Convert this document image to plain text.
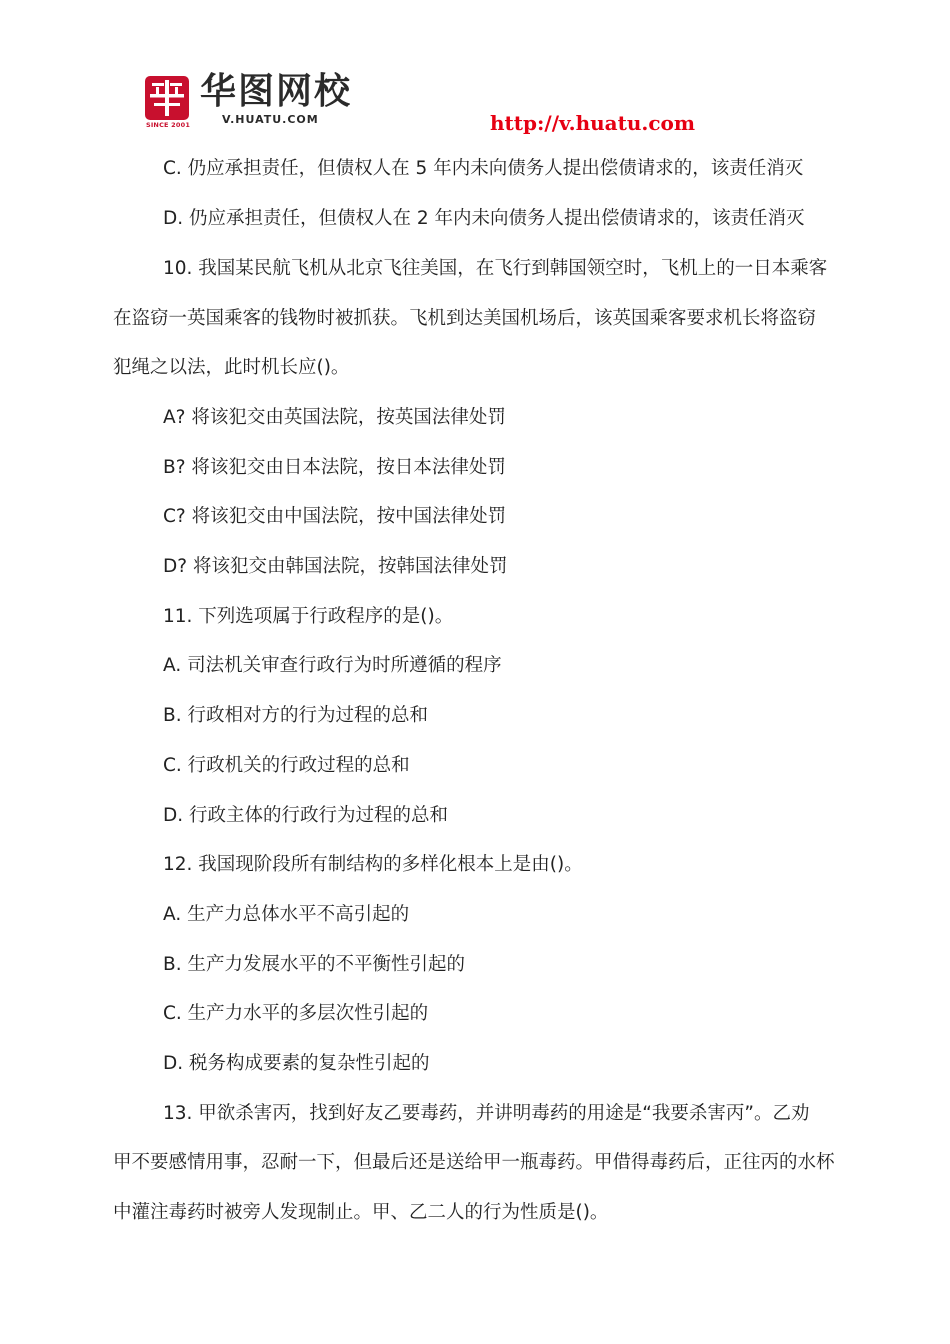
SINCE 2001
华图网校
V.HUATU.COM	http://v.huatu.com
C. 仍应承担责任，但债权人在 5 年内未向债务人提出偿债请求的，该责任消灭
D. 仍应承担责任，但债权人在 2 年内未向债务人提出偿债请求的，该责任消灭
10. 我国某民航飞机从北京飞往美国，在飞行到韩国领空时，飞机上的一日本乘客
在盗窃一英国乘客的钱物时被抓获。飞机到达美国机场后，该英国乘客要求机长将盗窃
犯绳之以法，此时机长应()。
A? 将该犯交由英国法院，按英国法律处罚
B? 将该犯交由日本法院，按日本法律处罚
C? 将该犯交由中国法院，按中国法律处罚
D? 将该犯交由韩国法院，按韩国法律处罚
11. 下列选项属于行政程序的是()。
A. 司法机关审查行政行为时所遵循的程序
B. 行政相对方的行为过程的总和
C. 行政机关的行政过程的总和
D. 行政主体的行政行为过程的总和
12. 我国现阶段所有制结构的多样化根本上是由()。
A. 生产力总体水平不高引起的
B. 生产力发展水平的不平衡性引起的
C. 生产力水平的多层次性引起的
D. 税务构成要素的复杂性引起的
13. 甲欲杀害丙，找到好友乙要毒药，并讲明毒药的用途是“我要杀害丙”。乙劝
甲不要感情用事，忍耐一下，但最后还是送给甲一瓶毒药。甲借得毒药后，正往丙的水杯
中灌注毒药时被旁人发现制止。甲、乙二人的行为性质是()。
